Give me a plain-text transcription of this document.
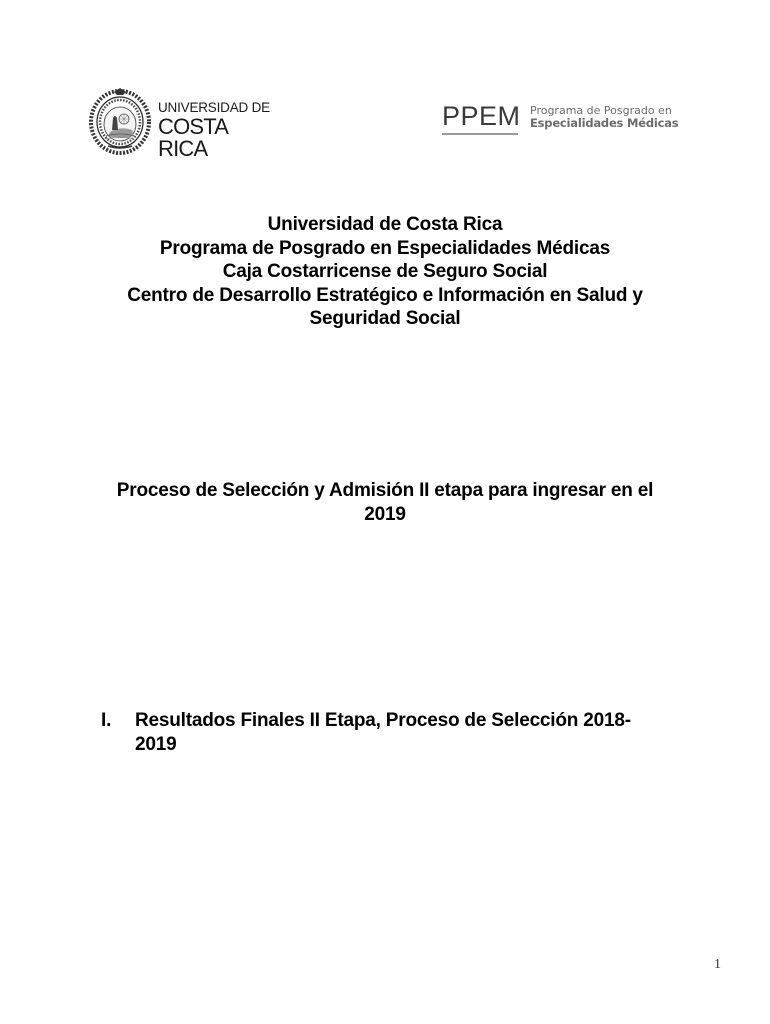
UNIVERSIDAD DE
COSTA RICA
PPEM Programa de Posgrado en
Especialidades Médicas
Universidad de Costa Rica
Programa de Posgrado en Especialidades Médicas
Caja Costarricense de Seguro Social
Centro de Desarrollo Estratégico e Información en Salud y
Seguridad Social
Proceso de Selección y Admisión II etapa para ingresar en el
2019
I. Resultados Finales II Etapa, Proceso de Selección 2018-
2019
1
